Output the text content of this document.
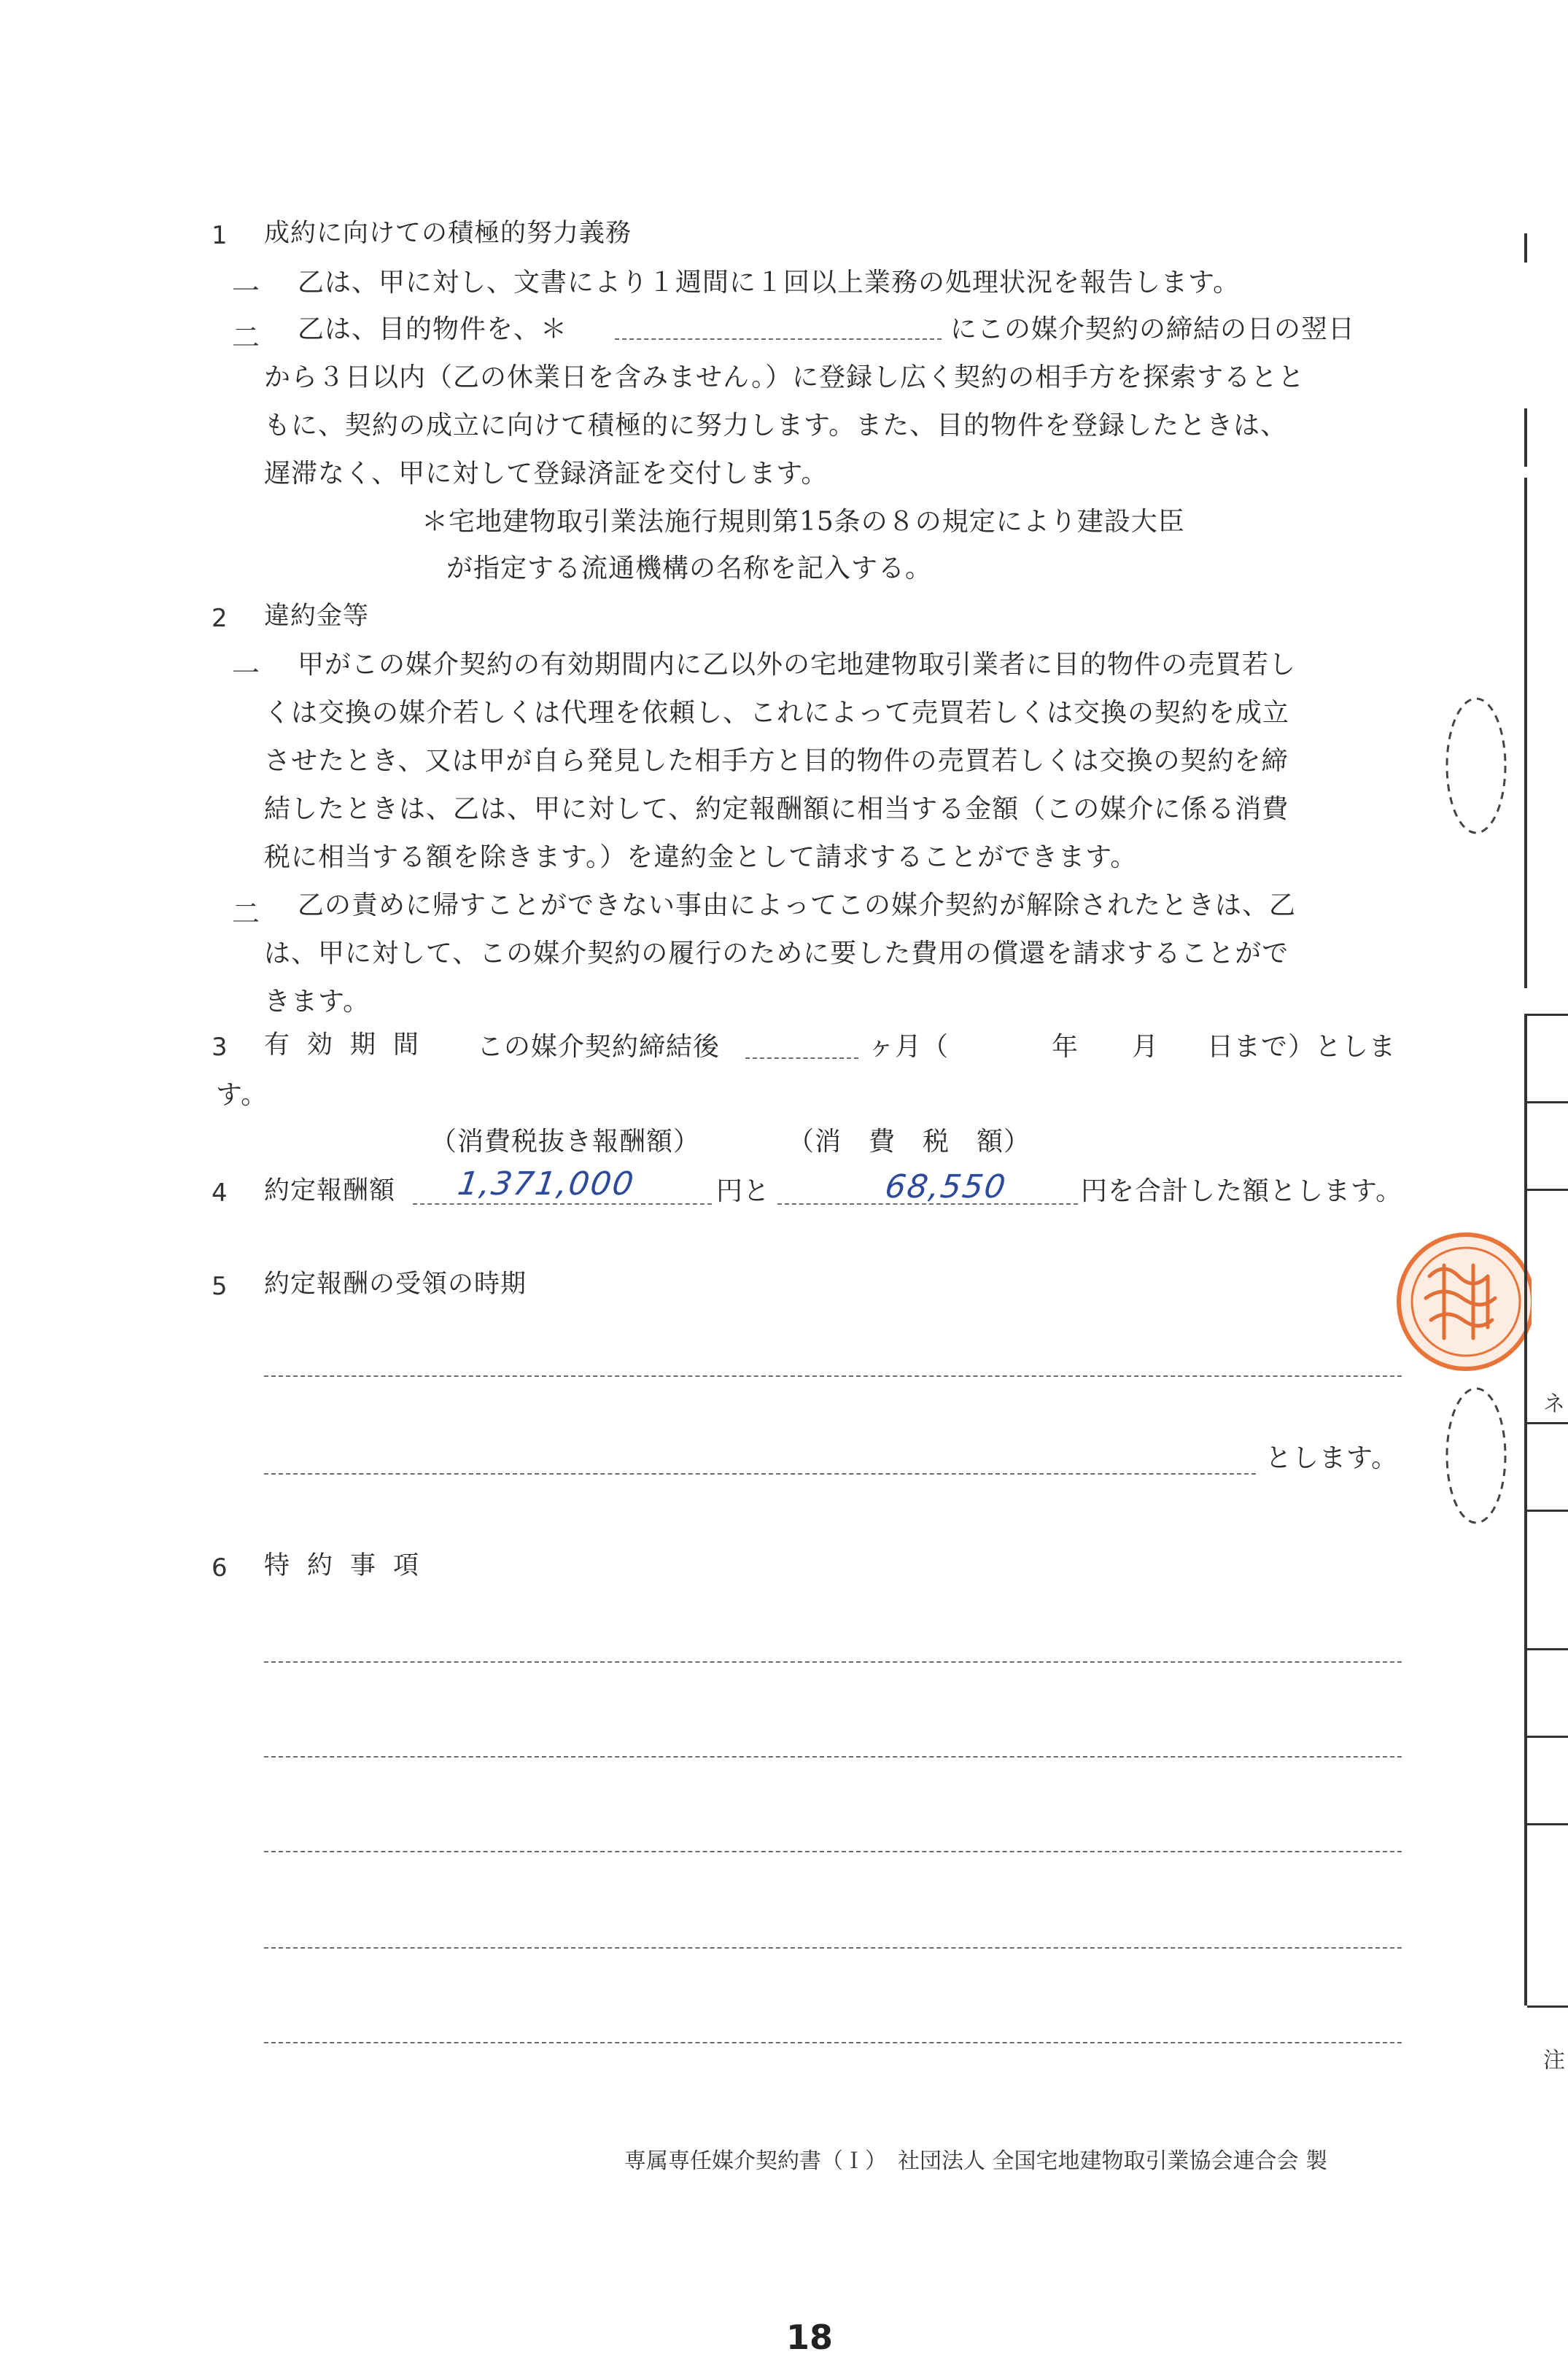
1 成約に向けての積極的努力義務
一 乙は、甲に対し、文書により１週間に１回以上業務の処理状況を報告します。
二 乙は、目的物件を、＊	にこの媒介契約の締結の日の翌日
から３日以内（乙の休業日を含みません。）に登録し広く契約の相手方を探索するとと
もに、契約の成立に向けて積極的に努力します。また、目的物件を登録したときは、
遅滞なく、甲に対して登録済証を交付します。
＊宅地建物取引業法施行規則第15条の８の規定により建設大臣
が指定する流通機構の名称を記入する。
2 違約金等
一 甲がこの媒介契約の有効期間内に乙以外の宅地建物取引業者に目的物件の売買若し
くは交換の媒介若しくは代理を依頼し、これによって売買若しくは交換の契約を成立
させたとき、又は甲が自ら発見した相手方と目的物件の売買若しくは交換の契約を締
結したときは、乙は、甲に対して、約定報酬額に相当する金額（この媒介に係る消費
税に相当する額を除きます。）を違約金として請求することができます。
二 乙の責めに帰すことができない事由によってこの媒介契約が解除されたときは、乙
は、甲に対して、この媒介契約の履行のために要した費用の償還を請求することがで
きます。
3 有効期間 この媒介契約締結後	ヶ月（	年 月 日まで）としま
す。
（消費税抜き報酬額）	（消　費　税　額）
4 約定報酬額 1,371,000	円と	68,550	円を合計した額とします。
5 約定報酬の受領の時期
とします。
6 特約事項
専属専任媒介契約書（Ｉ）　社団法人 全国宅地建物取引業協会連合会 製
18
ネ
注
